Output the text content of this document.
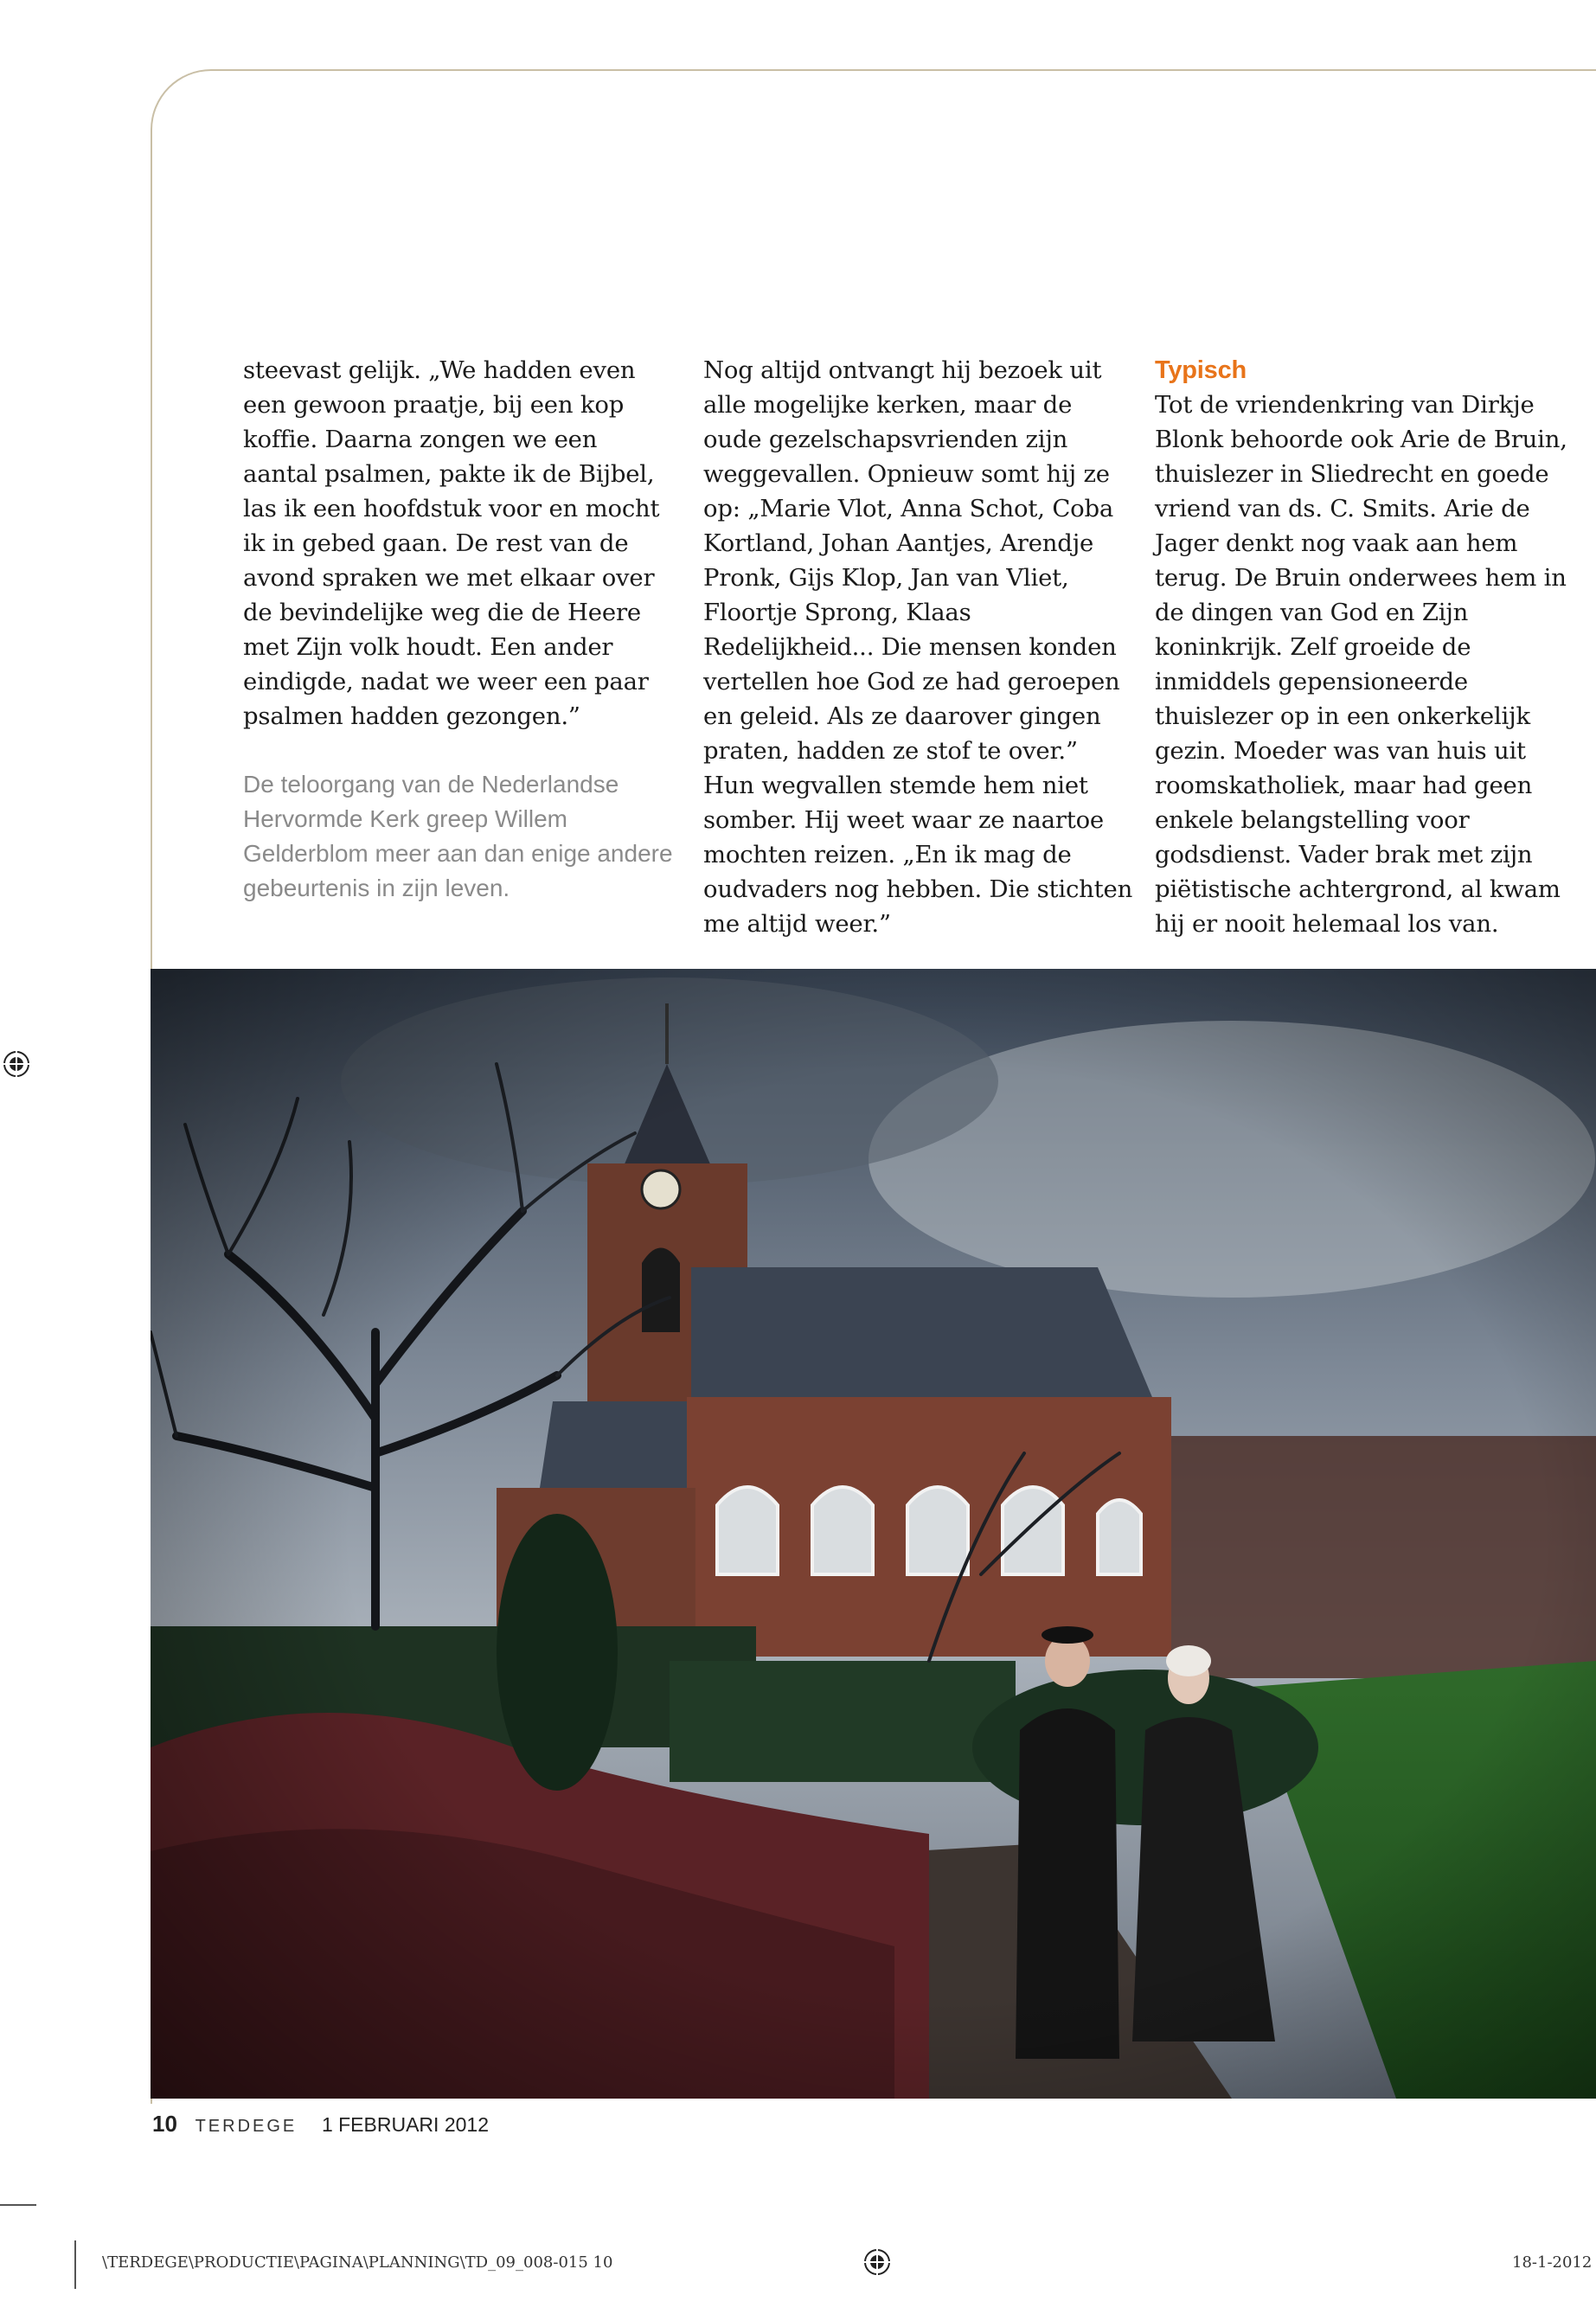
steevast gelijk. „We hadden even een gewoon praatje, bij een kop koffie. Daarna zongen we een aantal psalmen, pakte ik de Bijbel, las ik een hoofdstuk voor en mocht ik in gebed gaan. De rest van de avond spraken we met elkaar over de bevindelijke weg die de Heere met Zijn volk houdt. Een ander eindigde, nadat we weer een paar psalmen hadden gezongen.”

De teloorgang van de Nederlandse Hervormde Kerk greep Willem Gelderblom meer aan dan enige andere gebeurtenis in zijn leven.

Nog altijd ontvangt hij bezoek uit alle mogelijke kerken, maar de oude gezelschapsvrienden zijn weggevallen. Opnieuw somt hij ze op: „Marie Vlot, Anna Schot, Coba Kortland, Johan Aantjes, Arendje Pronk, Gijs Klop, Jan van Vliet, Floortje Sprong, Klaas Redelijkheid... Die mensen konden vertellen hoe God ze had geroepen en geleid. Als ze daarover gingen praten, hadden ze stof te over.” Hun wegvallen stemde hem niet somber. Hij weet waar ze naartoe mochten reizen. „En ik mag de oudvaders nog hebben. Die stichten me altijd weer.”

Typisch

Tot de vriendenkring van Dirkje Blonk behoorde ook Arie de Bruin, thuislezer in Sliedrecht en goede vriend van ds. C. Smits. Arie de Jager denkt nog vaak aan hem terug. De Bruin onderwees hem in de dingen van God en Zijn koninkrijk. Zelf groeide de inmiddels gepensioneerde thuislezer op in een onkerkelijk gezin. Moeder was van huis uit roomskatholiek, maar had geen enkele belangstelling voor godsdienst. Vader brak met zijn piëtistische achtergrond, al kwam hij er nooit helemaal los van.

10 TERDEGE 1 FEBRUARI 2012
\TERDEGE\PRODUCTIE\PAGINA\PLANNING\TD_09_008-015 10	18-1-2012
